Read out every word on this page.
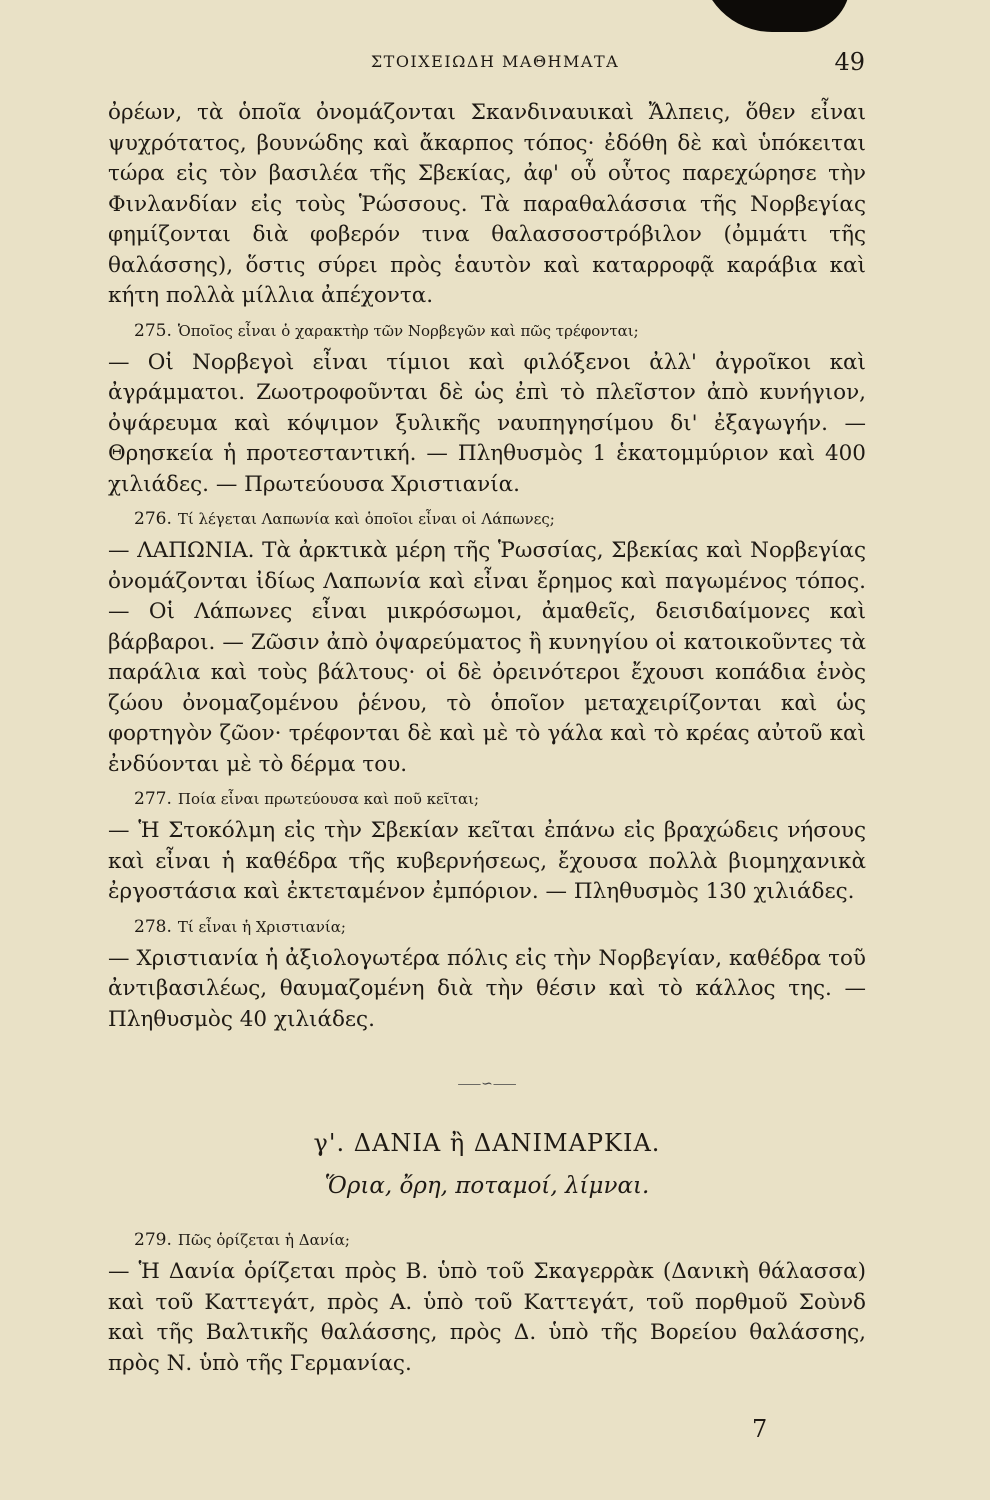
ΣΤΟΙΧΕΙΩΔΗ ΜΑΘΗΜΑΤΑ	49

ὀρέων, τὰ ὁποῖα ὀνομάζονται Σκανδιναυικαὶ Ἄλπεις, ὅθεν εἶναι ψυχρότατος, βουνώδης καὶ ἄκαρπος τόπος· ἐδόθη δὲ καὶ ὑπόκειται τώρα εἰς τὸν βασιλέα τῆς Σβεκίας, ἀφ' οὗ οὗτος παρεχώρησε τὴν Φινλανδίαν εἰς τοὺς Ῥώσσους. Τὰ παραθαλάσσια τῆς Νορβεγίας φημίζονται διὰ φοβερόν τινα θαλασσοστρόβιλον (ὀμμάτι τῆς θαλάσσης), ὅστις σύρει πρὸς ἑαυτὸν καὶ καταρροφᾷ καράβια καὶ κήτη πολλὰ μίλλια ἀπέχοντα.

275. Ὁποῖος εἶναι ὁ χαρακτὴρ τῶν Νορβεγῶν καὶ πῶς τρέφονται;

— Οἱ Νορβεγοὶ εἶναι τίμιοι καὶ φιλόξενοι ἀλλ' ἀγροῖκοι καὶ ἀγράμματοι. Ζωοτροφοῦνται δὲ ὡς ἐπὶ τὸ πλεῖστον ἀπὸ κυνήγιον, ὀψάρευμα καὶ κόψιμον ξυλικῆς ναυπηγησίμου δι' ἐξαγωγήν. — Θρησκεία ἡ προτεσταντική. — Πληθυσμὸς 1 ἑκατομμύριον καὶ 400 χιλιάδες. — Πρωτεύουσα Χριστιανία.

276. Τί λέγεται Λαπωνία καὶ ὁποῖοι εἶναι οἱ Λάπωνες;

— ΛΑΠΩΝΙΑ. Τὰ ἀρκτικὰ μέρη τῆς Ῥωσσίας, Σβεκίας καὶ Νορβεγίας ὀνομάζονται ἰδίως Λαπωνία καὶ εἶναι ἔρημος καὶ παγωμένος τόπος. — Οἱ Λάπωνες εἶναι μικρόσωμοι, ἀμαθεῖς, δεισιδαίμονες καὶ βάρβαροι. — Ζῶσιν ἀπὸ ὀψαρεύματος ἢ κυνηγίου οἱ κατοικοῦντες τὰ παράλια καὶ τοὺς βάλτους· οἱ δὲ ὀρεινότεροι ἔχουσι κοπάδια ἑνὸς ζώου ὀνομαζομένου ῥένου, τὸ ὁποῖον μεταχειρίζονται καὶ ὡς φορτηγὸν ζῶον· τρέφονται δὲ καὶ μὲ τὸ γάλα καὶ τὸ κρέας αὐτοῦ καὶ ἐνδύονται μὲ τὸ δέρμα του.

277. Ποία εἶναι πρωτεύουσα καὶ ποῦ κεῖται;

— Ἡ Στοκόλμη εἰς τὴν Σβεκίαν κεῖται ἐπάνω εἰς βραχώδεις νήσους καὶ εἶναι ἡ καθέδρα τῆς κυβερνήσεως, ἔχουσα πολλὰ βιομηχανικὰ ἐργοστάσια καὶ ἐκτεταμένον ἐμπόριον. — Πληθυσμὸς 130 χιλιάδες.

278. Τί εἶναι ἡ Χριστιανία;

— Χριστιανία ἡ ἀξιολογωτέρα πόλις εἰς τὴν Νορβεγίαν, καθέδρα τοῦ ἀντιβασιλέως, θαυμαζομένη διὰ τὴν θέσιν καὶ τὸ κάλλος της. — Πληθυσμὸς 40 χιλιάδες.

⸺∽⸺
γ'. ΔΑΝΙΑ ἢ ΔΑΝΙΜΑΡΚΙΑ.
Ὅρια, ὄρη, ποταμοί, λίμναι.
279. Πῶς ὁρίζεται ἡ Δανία;

— Ἡ Δανία ὁρίζεται πρὸς Β. ὑπὸ τοῦ Σκαγερρὰκ (Δανικὴ θάλασσα) καὶ τοῦ Καττεγάτ, πρὸς Α. ὑπὸ τοῦ Καττεγάτ, τοῦ πορθμοῦ Σοὺνδ καὶ τῆς Βαλτικῆς θαλάσσης, πρὸς Δ. ὑπὸ τῆς Βορείου θαλάσσης, πρὸς Ν. ὑπὸ τῆς Γερμανίας.

7
